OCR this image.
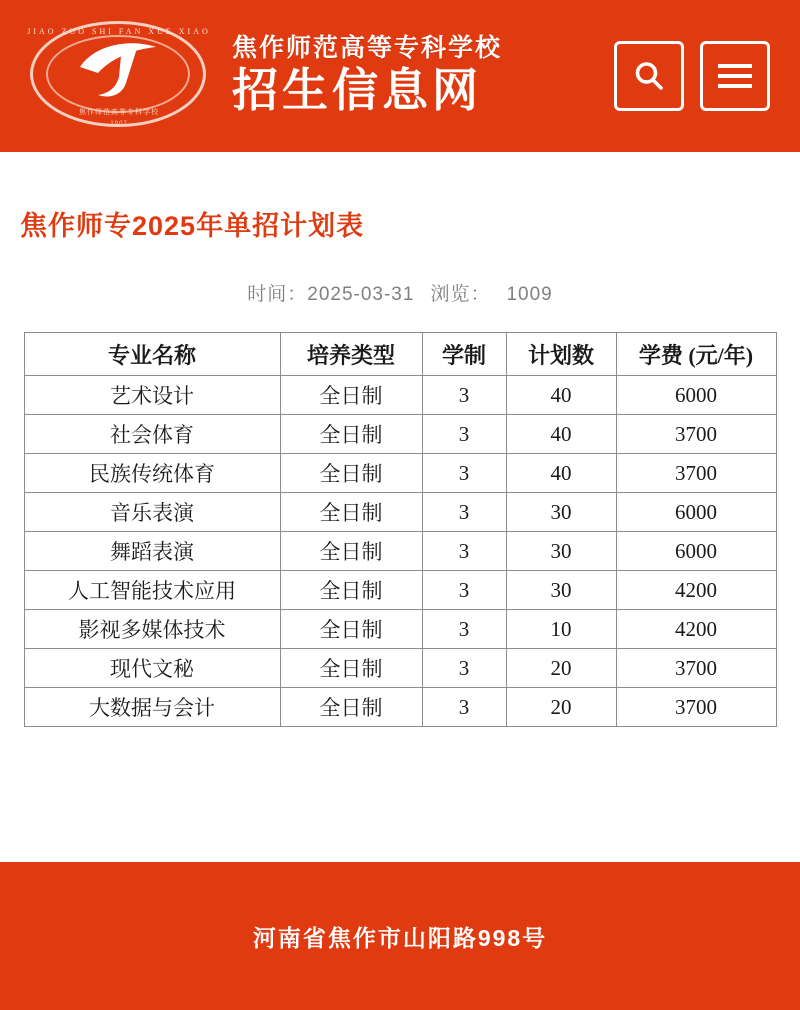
JIAO ZUO SHI FAN XUE XIAO
焦作师范高等专科学校
1907
焦作师范高等专科学校
招生信息网
焦作师专2025年单招计划表
时间：2025-03-31 浏览： 1009
专业名称	培养类型	学制	计划数	学费 (元/年)
艺术设计	全日制	3	40	6000
社会体育	全日制	3	40	3700
民族传统体育	全日制	3	40	3700
音乐表演	全日制	3	30	6000
舞蹈表演	全日制	3	30	6000
人工智能技术应用	全日制	3	30	4200
影视多媒体技术	全日制	3	10	4200
现代文秘	全日制	3	20	3700
大数据与会计	全日制	3	20	3700
河南省焦作市山阳路998号
